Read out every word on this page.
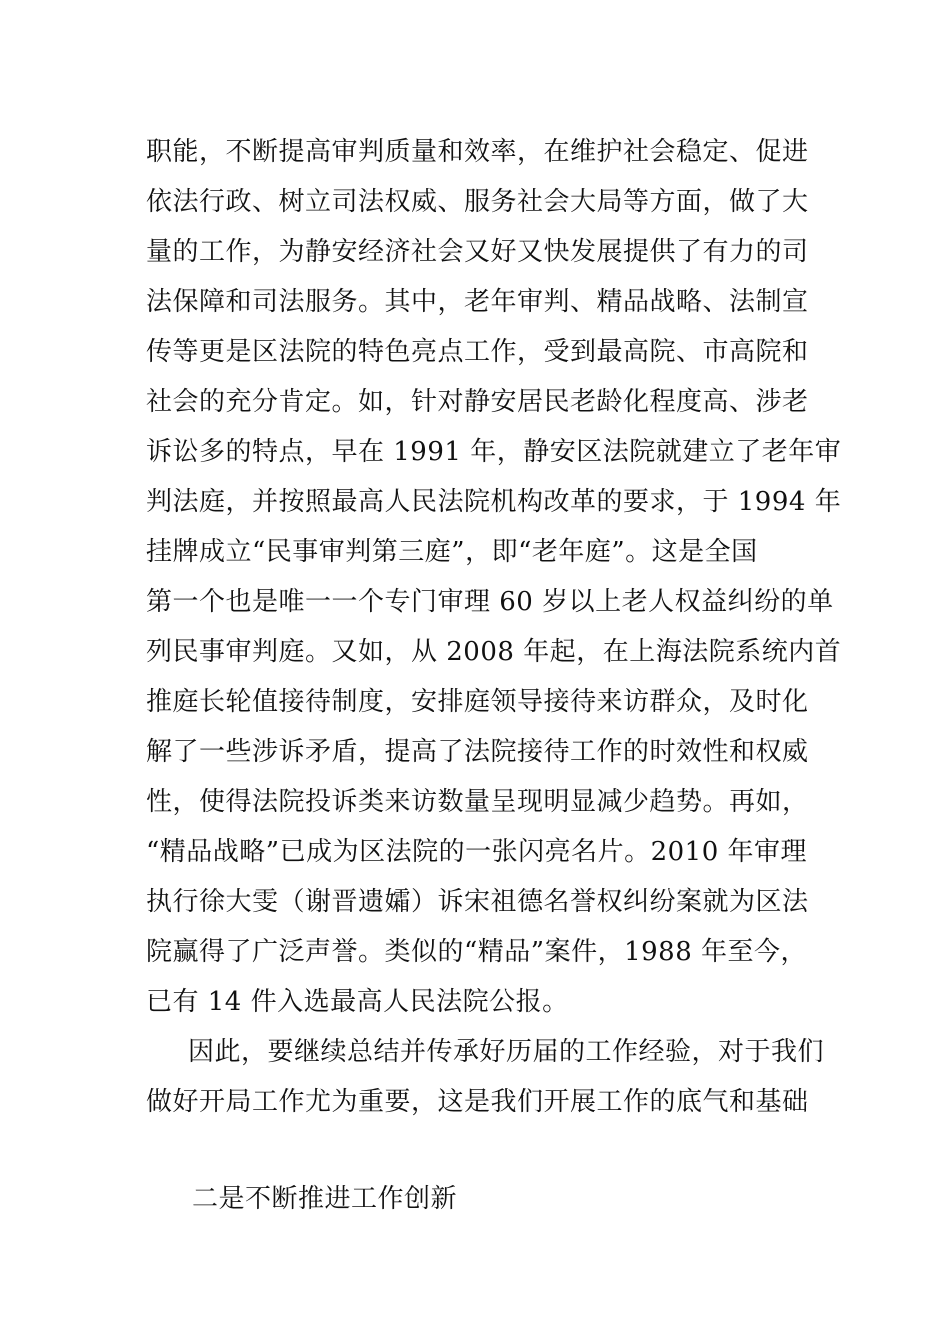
职能，不断提高审判质量和效率，在维护社会稳定、促进
依法行政、树立司法权威、服务社会大局等方面，做了大
量的工作，为静安经济社会又好又快发展提供了有力的司
法保障和司法服务。其中，老年审判、精品战略、法制宣
传等更是区法院的特色亮点工作，受到最高院、市高院和
社会的充分肯定。如，针对静安居民老龄化程度高、涉老
诉讼多的特点，早在 1991 年，静安区法院就建立了老年审
判法庭，并按照最高人民法院机构改革的要求，于 1994 年
挂牌成立“民事审判第三庭”，即“老年庭”。这是全国
第一个也是唯一一个专门审理 60 岁以上老人权益纠纷的单
列民事审判庭。又如，从 2008 年起，在上海法院系统内首
推庭长轮值接待制度，安排庭领导接待来访群众，及时化
解了一些涉诉矛盾，提高了法院接待工作的时效性和权威
性，使得法院投诉类来访数量呈现明显减少趋势。再如，
“精品战略”已成为区法院的一张闪亮名片。2010 年审理
执行徐大雯（谢晋遗孀）诉宋祖德名誉权纠纷案就为区法
院赢得了广泛声誉。类似的“精品”案件，1988 年至今，
已有 14 件入选最高人民法院公报。
因此，要继续总结并传承好历届的工作经验，对于我们
做好开局工作尤为重要，这是我们开展工作的底气和基础
二是不断推进工作创新
